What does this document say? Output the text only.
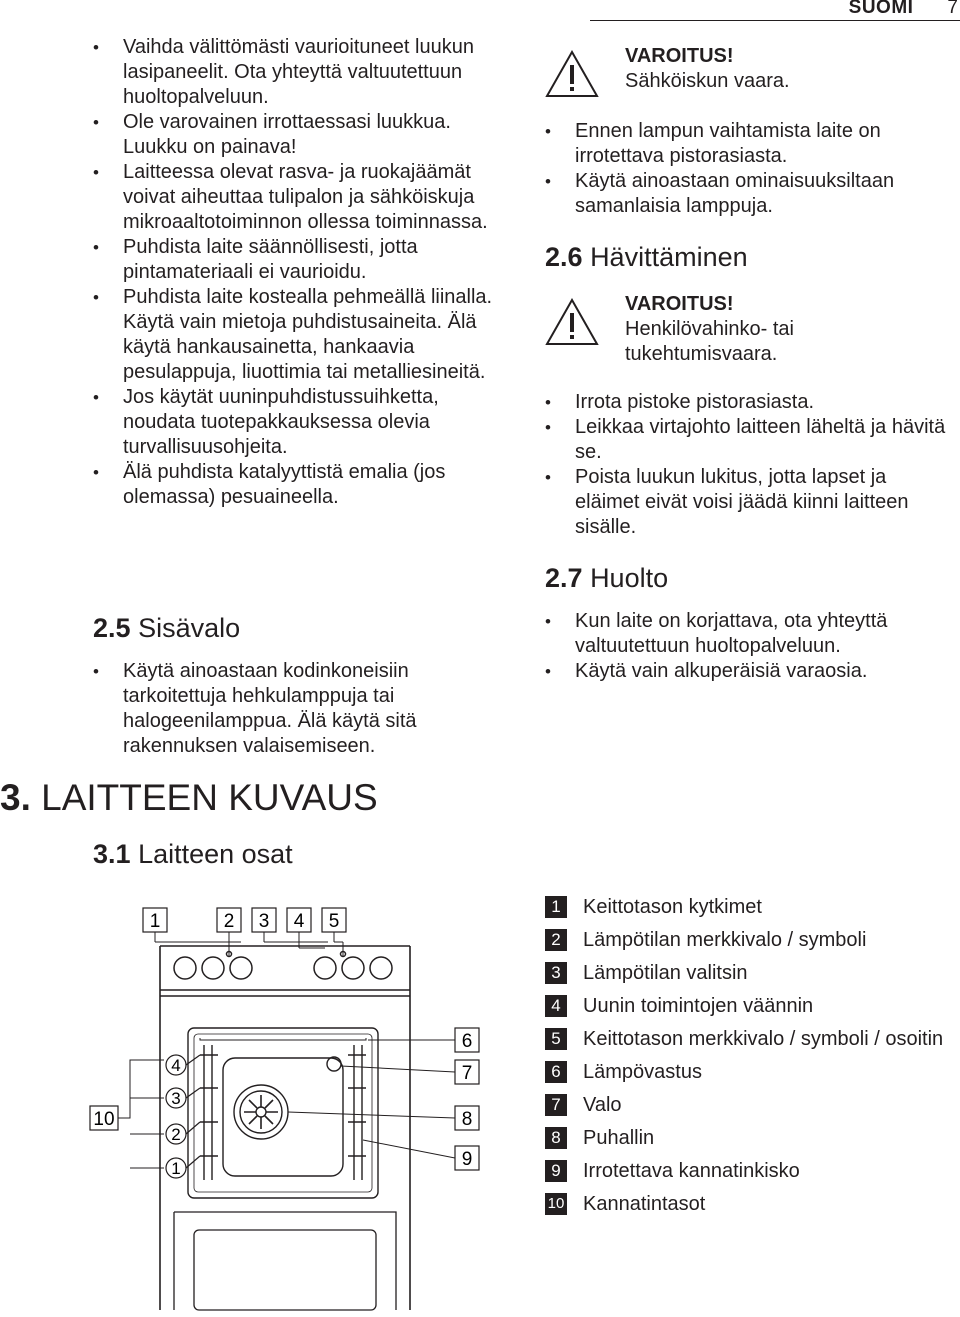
SUOMI 7
• Vaihda välittömästi vaurioituneet luukun lasipaneelit. Ota yhteyttä valtuutettuun huoltopalveluun.
• Ole varovainen irrottaessasi luukkua. Luukku on painava!
• Laitteessa olevat rasva- ja ruokajäämät voivat aiheuttaa tulipalon ja sähköiskuja mikroaaltotoiminnon ollessa toiminnassa.
• Puhdista laite säännöllisesti, jotta pintamateriaali ei vaurioidu.
• Puhdista laite kostealla pehmeällä liinalla. Käytä vain mietoja puhdistusaineita. Älä käytä hankausainetta, hankaavia pesulappuja, liuottimia tai metalliesineitä.
• Jos käytät uuninpuhdistussuihketta, noudata tuotepakkauksessa olevia turvallisuusohjeita.
• Älä puhdista katalyyttistä emalia (jos olemassa) pesuaineella.
2.5 Sisävalo
• Käytä ainoastaan kodinkoneisiin tarkoitettuja hehkulamppuja tai halogeenilamppua. Älä käytä sitä rakennuksen valaisemiseen.
3. LAITTEEN KUVAUS
3.1 Laitteen osat
VAROITUS!
Sähköiskun vaara.
• Ennen lampun vaihtamista laite on irrotettava pistorasiasta.
• Käytä ainoastaan ominaisuuksiltaan samanlaisia lamppuja.
2.6 Hävittäminen
VAROITUS!
Henkilövahinko- tai tukehtumisvaara.
• Irrota pistoke pistorasiasta.
• Leikkaa virtajohto laitteen läheltä ja hävitä se.
• Poista luukun lukitus, jotta lapset ja eläimet eivät voisi jäädä kiinni laitteen sisälle.
2.7 Huolto
• Kun laite on korjattava, ota yhteyttä valtuutettuun huoltopalveluun.
• Käytä vain alkuperäisiä varaosia.
1	2 3 4 5
4
3
2
1
10
6
7
8
9
1	Keittotason kytkimet
2	Lämpötilan merkkivalo / symboli
3	Lämpötilan valitsin
4	Uunin toimintojen väännin
5	Keittotason merkkivalo / symboli / osoitin
6	Lämpövastus
7	Valo
8	Puhallin
9	Irrotettava kannatinkisko
10 Kannatintasot
